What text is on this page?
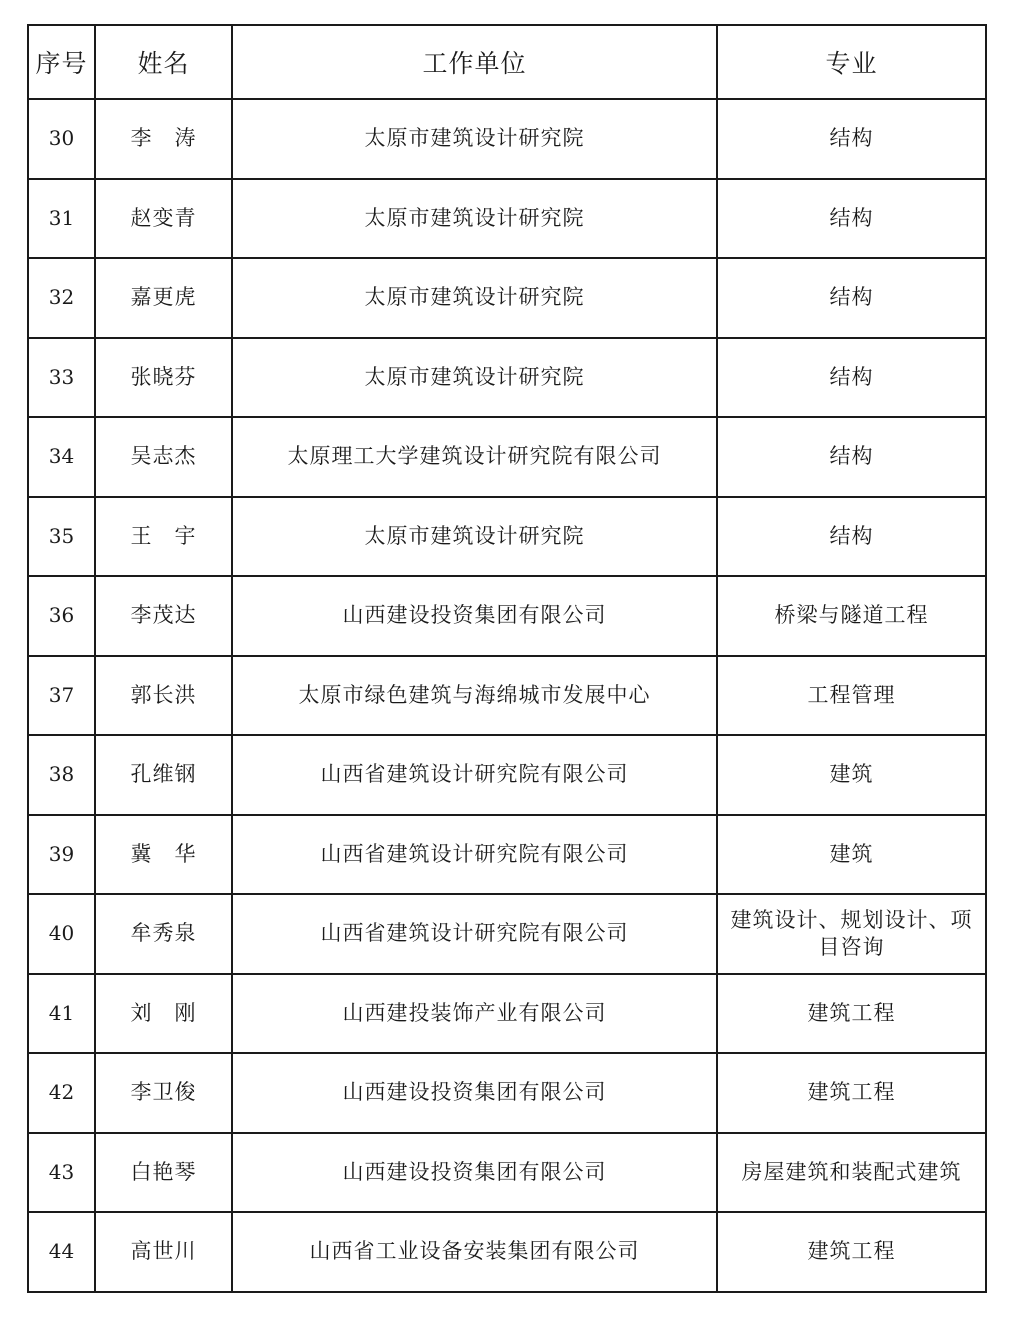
序号	姓名	工作单位	专业
30	李　涛	太原市建筑设计研究院	结构
31	赵变青	太原市建筑设计研究院	结构
32	嘉更虎	太原市建筑设计研究院	结构
33	张晓芬	太原市建筑设计研究院	结构
34	吴志杰	太原理工大学建筑设计研究院有限公司	结构
35	王　宇	太原市建筑设计研究院	结构
36	李茂达	山西建设投资集团有限公司	桥梁与隧道工程
37	郭长洪	太原市绿色建筑与海绵城市发展中心	工程管理
38	孔维钢	山西省建筑设计研究院有限公司	建筑
39	冀　华	山西省建筑设计研究院有限公司	建筑
40	牟秀泉	山西省建筑设计研究院有限公司	建筑设计、规划设计、项目咨询
41	刘　刚	山西建投装饰产业有限公司	建筑工程
42	李卫俊	山西建设投资集团有限公司	建筑工程
43	白艳琴	山西建设投资集团有限公司	房屋建筑和装配式建筑
44	高世川	山西省工业设备安装集团有限公司	建筑工程
